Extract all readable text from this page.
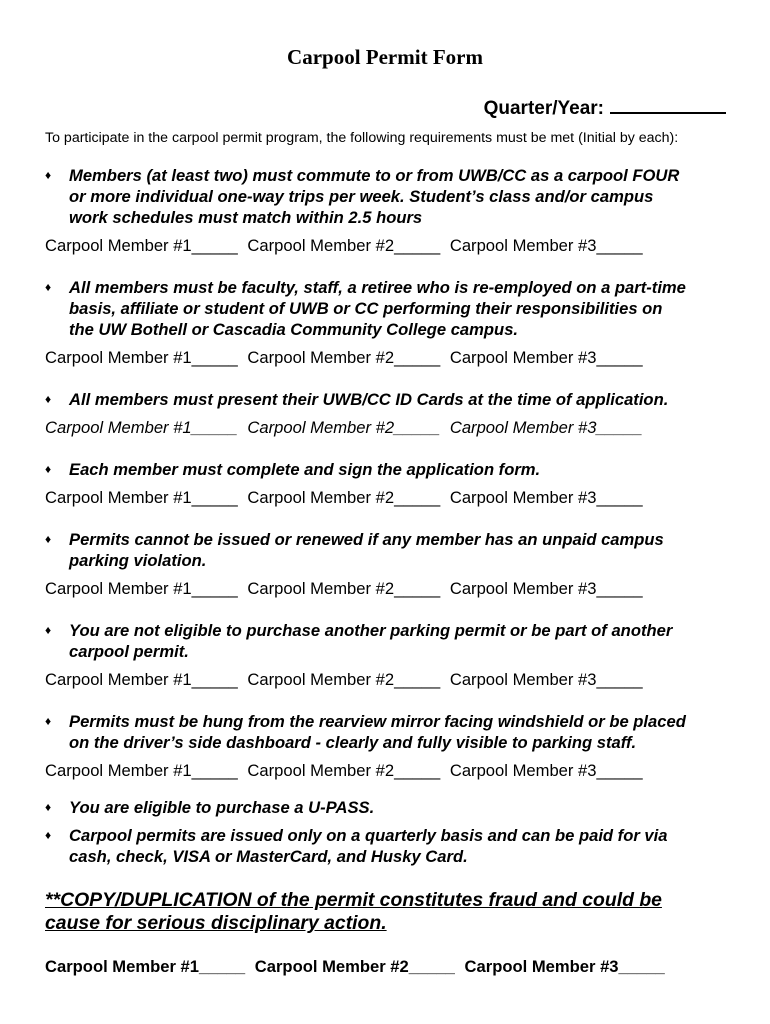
Carpool Permit Form
Quarter/Year:
To participate in the carpool permit program, the following requirements must be met (Initial by each):
♦ Members (at least two) must commute to or from UWB/CC as a carpool FOUR
or more individual one-way trips per week. Student’s class and/or campus
work schedules must match within 2.5 hours
Carpool Member #1_____ Carpool Member #2_____ Carpool Member #3_____
♦ All members must be faculty, staff, a retiree who is re-employed on a part-time
basis, affiliate or student of UWB or CC performing their responsibilities on
the UW Bothell or Cascadia Community College campus.
Carpool Member #1_____ Carpool Member #2_____ Carpool Member #3_____
♦ All members must present their UWB/CC ID Cards at the time of application.
Carpool Member #1_____ Carpool Member #2_____ Carpool Member #3_____
♦ Each member must complete and sign the application form.
Carpool Member #1_____ Carpool Member #2_____ Carpool Member #3_____
♦ Permits cannot be issued or renewed if any member has an unpaid campus
parking violation.
Carpool Member #1_____ Carpool Member #2_____ Carpool Member #3_____
♦ You are not eligible to purchase another parking permit or be part of another
carpool permit.
Carpool Member #1_____ Carpool Member #2_____ Carpool Member #3_____
♦ Permits must be hung from the rearview mirror facing windshield or be placed
on the driver’s side dashboard - clearly and fully visible to parking staff.
Carpool Member #1_____ Carpool Member #2_____ Carpool Member #3_____
♦ You are eligible to purchase a U-PASS.
♦ Carpool permits are issued only on a quarterly basis and can be paid for via
cash, check, VISA or MasterCard, and Husky Card.
**COPY/DUPLICATION of the permit constitutes fraud and could be
cause for serious disciplinary action.
Carpool Member #1_____ Carpool Member #2_____ Carpool Member #3_____
